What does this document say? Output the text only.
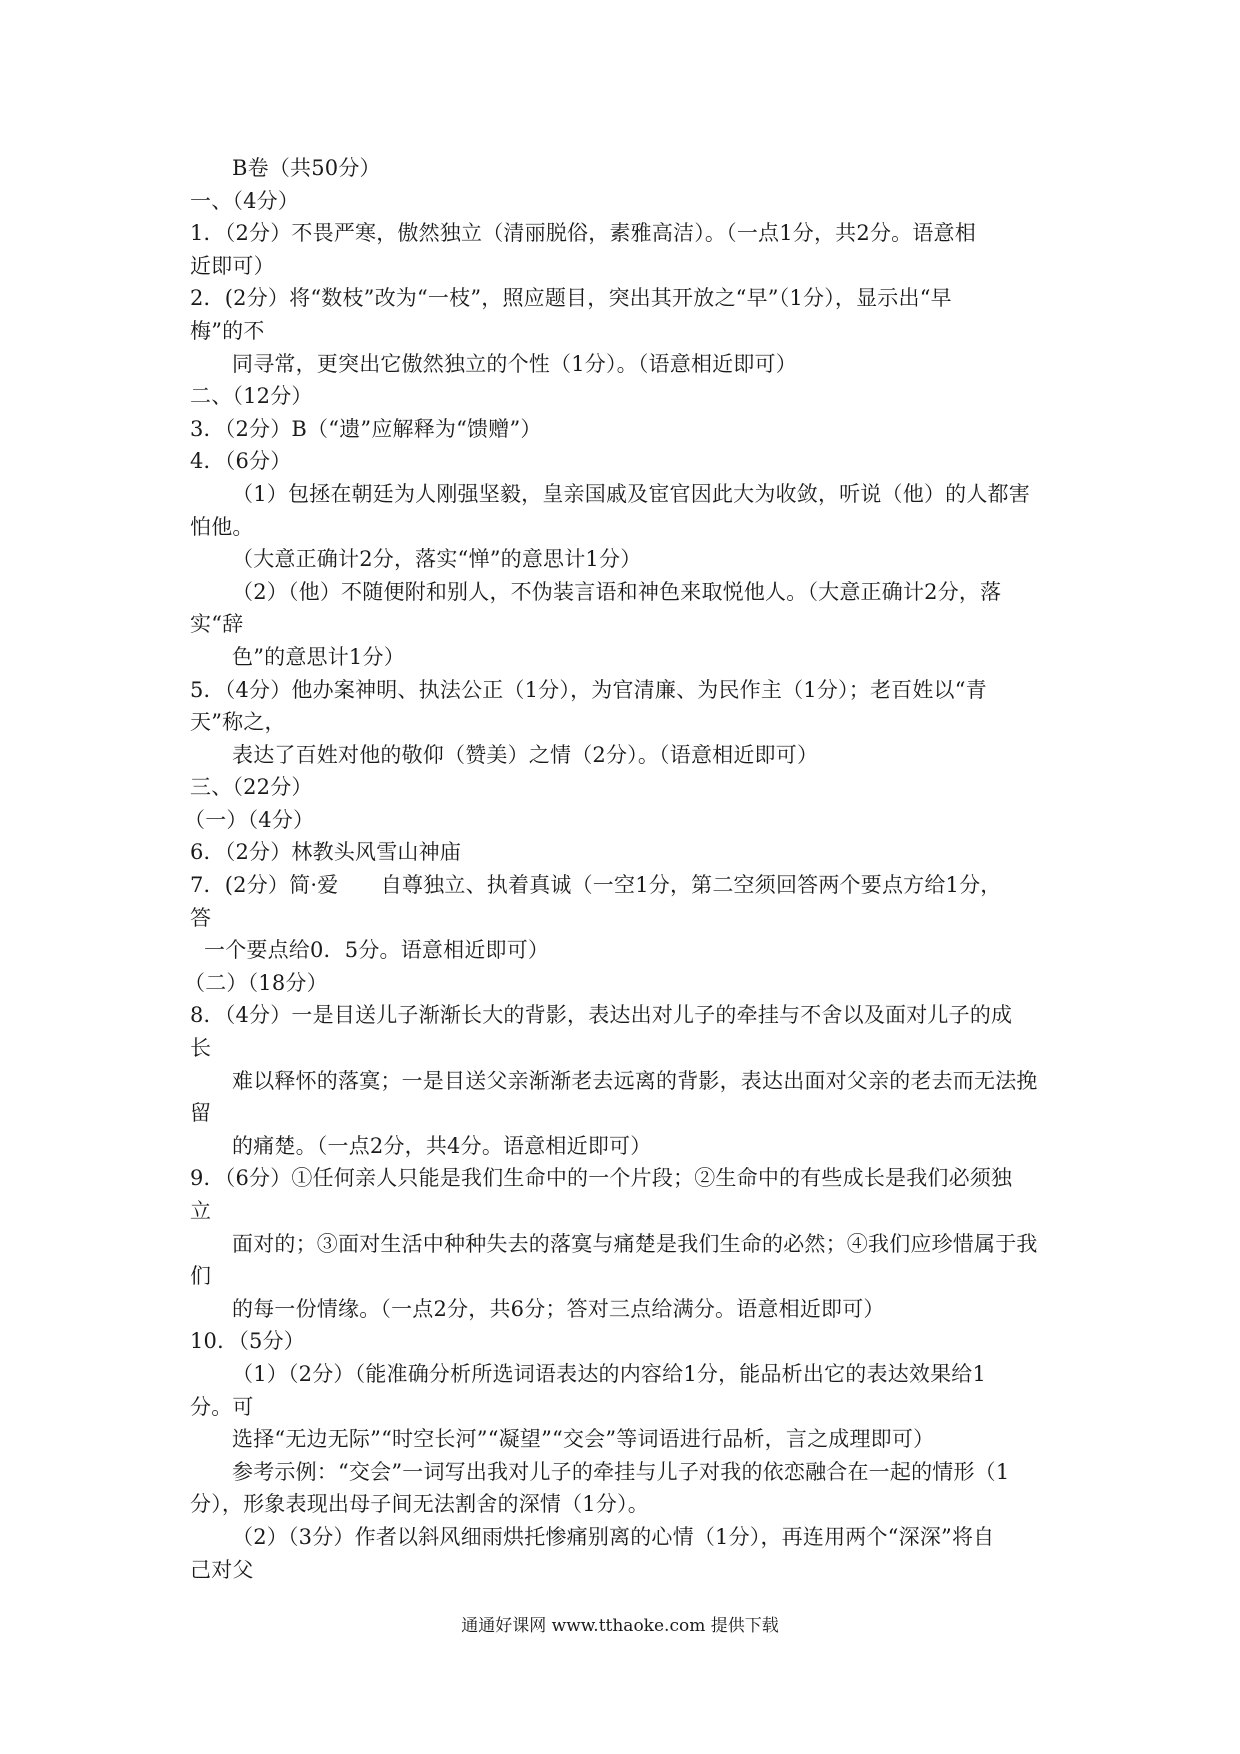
B卷（共50分）
一、（4分）
1．（2分）不畏严寒，傲然独立（清丽脱俗，素雅高洁）。（一点1分，共2分。语意相
近即可）
2．(2分）将“数枝”改为“一枝”，照应题目，突出其开放之“早”（1分），显示出“早
梅”的不
同寻常，更突出它傲然独立的个性（1分）。（语意相近即可）
二、（12分）
3．（2分）B（“遗”应解释为“馈赠”）
4．（6分）
（1）包拯在朝廷为人刚强坚毅，皇亲国戚及宦官因此大为收敛，听说（他）的人都害
怕他。
（大意正确计2分，落实“惮”的意思计1分）
（2）（他）不随便附和别人，不伪装言语和神色来取悦他人。（大意正确计2分，落
实“辞
色”的意思计1分）
5．（4分）他办案神明、执法公正（1分），为官清廉、为民作主（1分）；老百姓以“青
天”称之，
表达了百姓对他的敬仰（赞美）之情（2分）。（语意相近即可）
三、（22分）
（一）（4分）
6．（2分）林教头风雪山神庙
7．(2分）简·爱　　自尊独立、执着真诚（一空1分，第二空须回答两个要点方给1分，
答
一个要点给0．5分。语意相近即可）
（二）（18分）
8．（4分）一是目送儿子渐渐长大的背影，表达出对儿子的牵挂与不舍以及面对儿子的成
长
难以释怀的落寞；一是目送父亲渐渐老去远离的背影，表达出面对父亲的老去而无法挽
留
的痛楚。（一点2分，共4分。语意相近即可）
9．（6分）①任何亲人只能是我们生命中的一个片段；②生命中的有些成长是我们必须独
立
面对的；③面对生活中种种失去的落寞与痛楚是我们生命的必然；④我们应珍惜属于我
们
的每一份情缘。（一点2分，共6分；答对三点给满分。语意相近即可）
10．（5分）
（1）（2分）（能准确分析所选词语表达的内容给1分，能品析出它的表达效果给1
分。可
选择“无边无际”“时空长河”“凝望”“交会”等词语进行品析，言之成理即可）
参考示例：“交会”一词写出我对儿子的牵挂与儿子对我的依恋融合在一起的情形（1
分），形象表现出母子间无法割舍的深情（1分）。
（2）（3分）作者以斜风细雨烘托惨痛别离的心情（1分），再连用两个“深深”将自
己对父
通通好课网 www.tthaoke.com 提供下载
